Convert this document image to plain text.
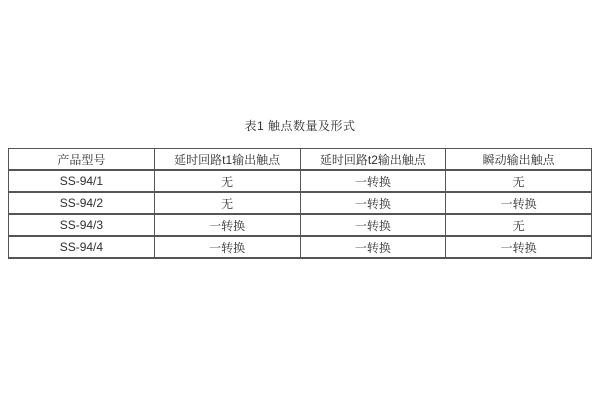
表1 触点数量及形式
产品型号	延时回路t1输出触点	延时回路t2输出触点	瞬动输出触点
SS-94/1	无	一转换	无
SS-94/2	无	一转换	一转换
SS-94/3	一转换	一转换	无
SS-94/4	一转换	一转换	一转换
